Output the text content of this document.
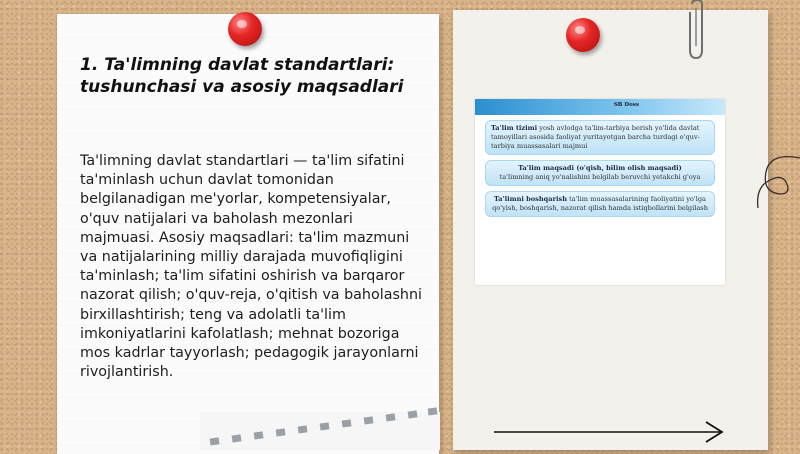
1. Ta'limning davlat standartlari: tushunchasi va asosiy maqsadlari

Ta'limning davlat standartlari — ta'lim sifatini ta'minlash uchun davlat tomonidan belgilanadigan me'yorlar, kompetensiyalar, o'quv natijalari va baholash mezonlari majmuasi. Asosiy maqsadlari: ta'lim mazmuni va natijalarining milliy darajada muvofiqligini ta'minlash; ta'lim sifatini oshirish va barqaror nazorat qilish; o'quv-reja, o'qitish va baholashni birxillashtirish; teng va adolatli ta'lim imkoniyatlarini kafolatlash; mehnat bozoriga mos kadrlar tayyorlash; pedagogik jarayonlarni rivojlantirish.

SB Doss
Ta'lim tizimi yosh avlodga ta'lim-tarbiya berish yo'lida davlat tamoyillari asosida faoliyat yuritayotgan barcha turdagi o'quv-tarbiya muassasalari majmui
Ta'lim maqsadi (o'qish, bilim olish maqsadi)
ta'limning aniq yo'nalishini belgilab beruvchi yetakchi g'oya
Ta'limni boshqarish ta'lim muassasalarining faoliyatini yo'lga qo'yish, boshqarish, nazorat qilish hamda istiqbollarini belgilash
